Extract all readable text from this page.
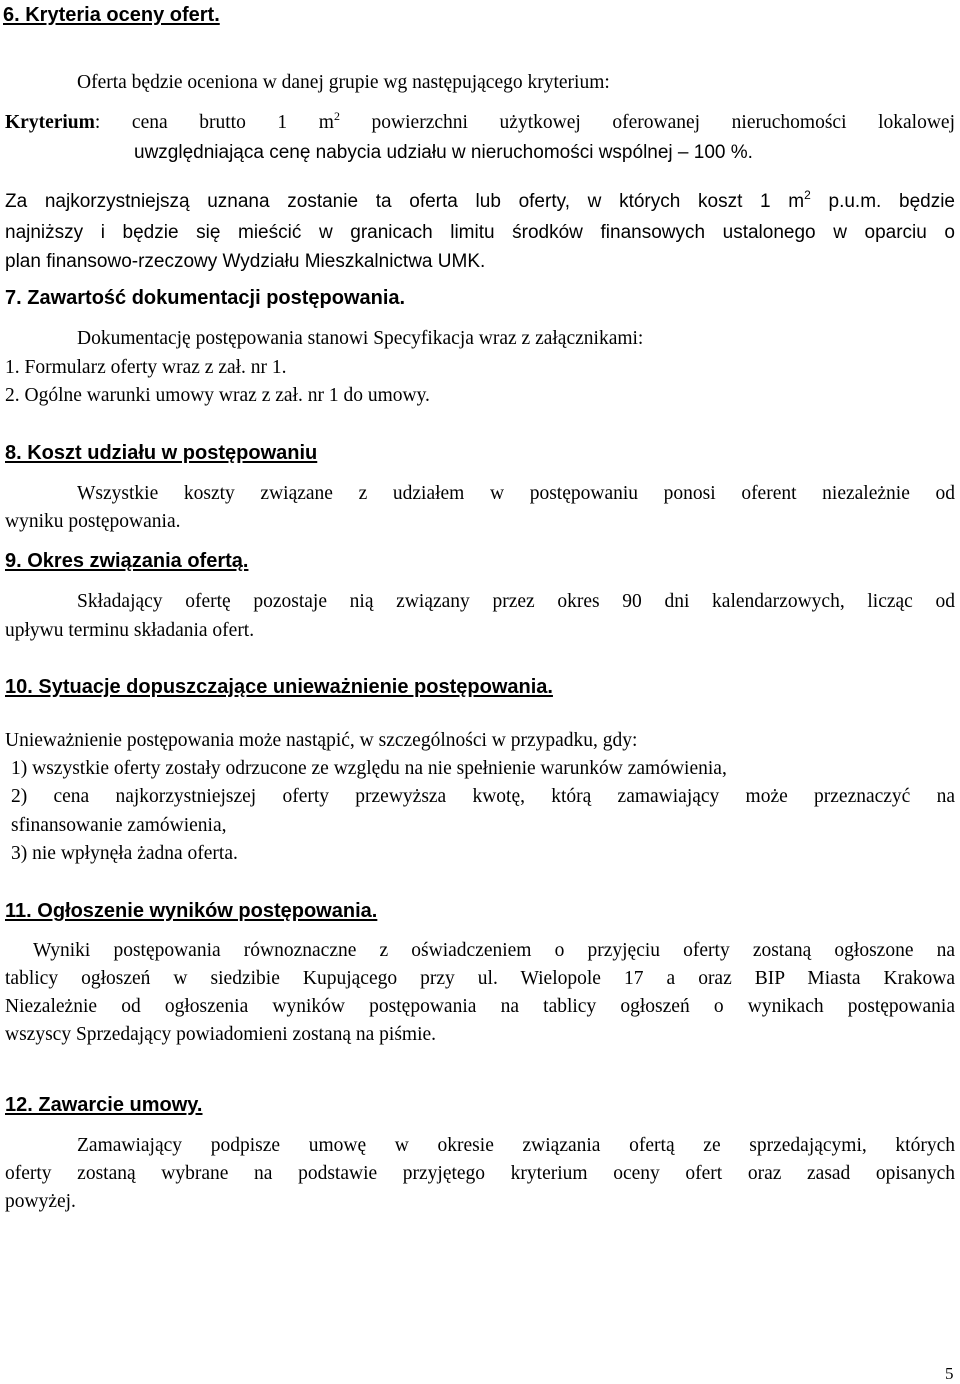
6. Kryteria oceny ofert.
Oferta będzie oceniona w danej grupie wg następującego kryterium:
Kryterium: cena brutto 1 $m^2$ powierzchni użytkowej oferowanej nieruchomości lokalowej
uwzględniająca cenę nabycia udziału w nieruchomości wspólnej – 100 %.
Za najkorzystniejszą uznana zostanie ta oferta lub oferty, w których koszt 1 $m^2$ p.u.m. będzie
najniższy i będzie się mieścić w granicach limitu środków finansowych ustalonego w oparciu o
plan finansowo-rzeczowy Wydziału Mieszkalnictwa UMK.
7. Zawartość dokumentacji postępowania.
Dokumentację postępowania stanowi Specyfikacja wraz z załącznikami:
1. Formularz oferty wraz z zał. nr 1.
2. Ogólne warunki umowy wraz z zał. nr 1 do umowy.
8. Koszt udziału w postępowaniu
Wszystkie koszty związane z udziałem w postępowaniu ponosi oferent niezależnie od
wyniku postępowania.
9. Okres związania ofertą.
Składający ofertę pozostaje nią związany przez okres 90 dni kalendarzowych, licząc od
upływu terminu składania ofert.
10. Sytuacje dopuszczające unieważnienie postępowania.
Unieważnienie postępowania może nastąpić, w szczególności w przypadku, gdy:
1) wszystkie oferty zostały odrzucone ze względu na nie spełnienie warunków zamówienia,
2) cena najkorzystniejszej oferty przewyższa kwotę, którą zamawiający może przeznaczyć na
sfinansowanie zamówienia,
3) nie wpłynęła żadna oferta.
11. Ogłoszenie wyników postępowania.
Wyniki postępowania równoznaczne z oświadczeniem o przyjęciu oferty zostaną ogłoszone na
tablicy ogłoszeń w siedzibie Kupującego przy ul. Wielopole 17 a oraz BIP Miasta Krakowa
Niezależnie od ogłoszenia wyników postępowania na tablicy ogłoszeń o wynikach postępowania
wszyscy Sprzedający powiadomieni zostaną na piśmie.
12. Zawarcie umowy.
Zamawiający podpisze umowę w okresie związania ofertą ze sprzedającymi, których
oferty zostaną wybrane na podstawie przyjętego kryterium oceny ofert oraz zasad opisanych
powyżej.
5
